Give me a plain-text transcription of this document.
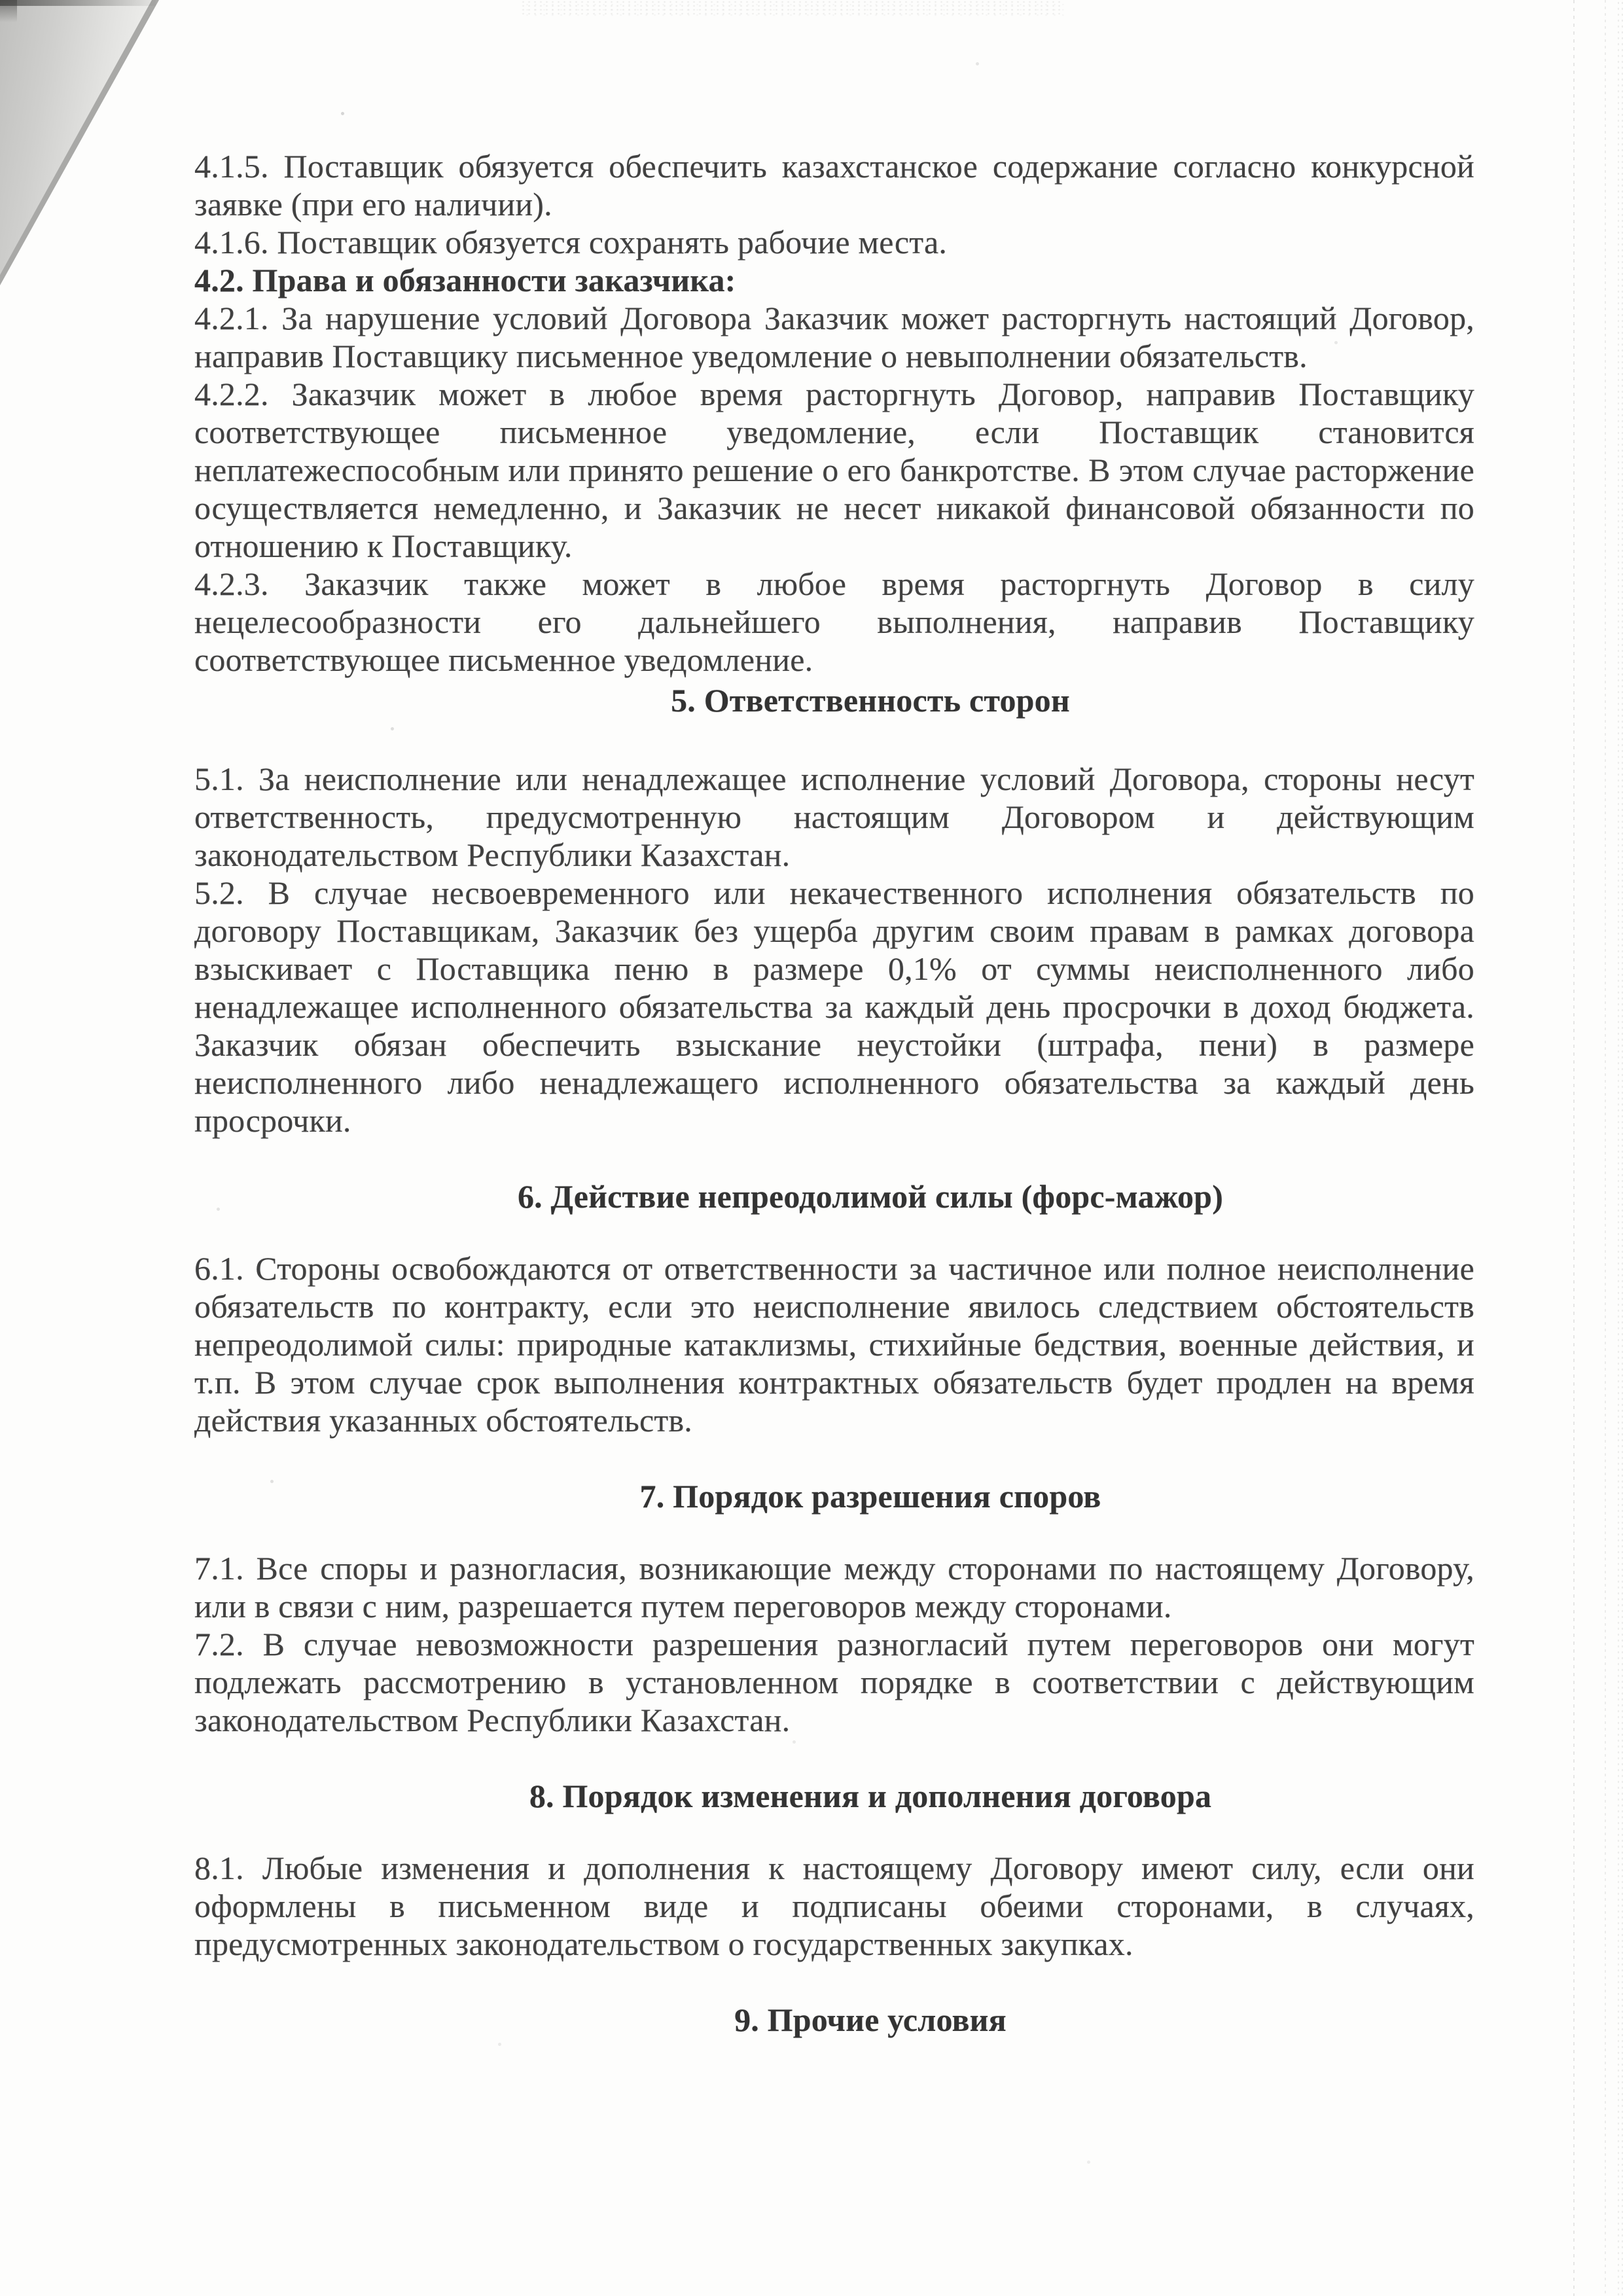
4.1.5. Поставщик обязуется обеспечить казахстанское содержание согласно конкурсной заявке (при его наличии).

4.1.6. Поставщик обязуется сохранять рабочие места.

4.2. Права и обязанности заказчика:

4.2.1. За нарушение условий Договора Заказчик может расторгнуть настоящий Договор, направив Поставщику письменное уведомление о невыполнении обязательств.

4.2.2. Заказчик может в любое время расторгнуть Договор, направив Поставщику соответствующее письменное уведомление, если Поставщик становится неплатежеспособным или принято решение о его банкротстве. В этом случае расторжение осуществляется немедленно, и Заказчик не несет никакой финансовой обязанности по отношению к Поставщику.

4.2.3. Заказчик также может в любое время расторгнуть Договор в силу нецелесообразности его дальнейшего выполнения, направив Поставщику соответствующее письменное уведомление.

5. Ответственность сторон

5.1. За неисполнение или ненадлежащее исполнение условий Договора, стороны несут ответственность, предусмотренную настоящим Договором и действующим законодательством Республики Казахстан.

5.2. В случае несвоевременного или некачественного исполнения обязательств по договору Поставщикам, Заказчик без ущерба другим своим правам в рамках договора взыскивает с Поставщика пеню в размере 0,1% от суммы неисполненного либо ненадлежащее исполненного обязательства за каждый день просрочки в доход бюджета. Заказчик обязан обеспечить взыскание неустойки (штрафа, пени) в размере неисполненного либо ненадлежащего исполненного обязательства за каждый день просрочки.

6. Действие непреодолимой силы (форс-мажор)

6.1. Стороны освобождаются от ответственности за частичное или полное неисполнение обязательств по контракту, если это неисполнение явилось следствием обстоятельств непреодолимой силы: природные катаклизмы, стихийные бедствия, военные действия, и т.п. В этом случае срок выполнения контрактных обязательств будет продлен на время действия указанных обстоятельств.

7. Порядок разрешения споров

7.1. Все споры и разногласия, возникающие между сторонами по настоящему Договору, или в связи с ним, разрешается путем переговоров между сторонами.

7.2. В случае невозможности разрешения разногласий путем переговоров они могут подлежать рассмотрению в установленном порядке в соответствии с действующим законодательством Республики Казахстан.

8. Порядок изменения и дополнения договора

8.1. Любые изменения и дополнения к настоящему Договору имеют силу, если они оформлены в письменном виде и подписаны обеими сторонами, в случаях, предусмотренных законодательством о государственных закупках.

9. Прочие условия
